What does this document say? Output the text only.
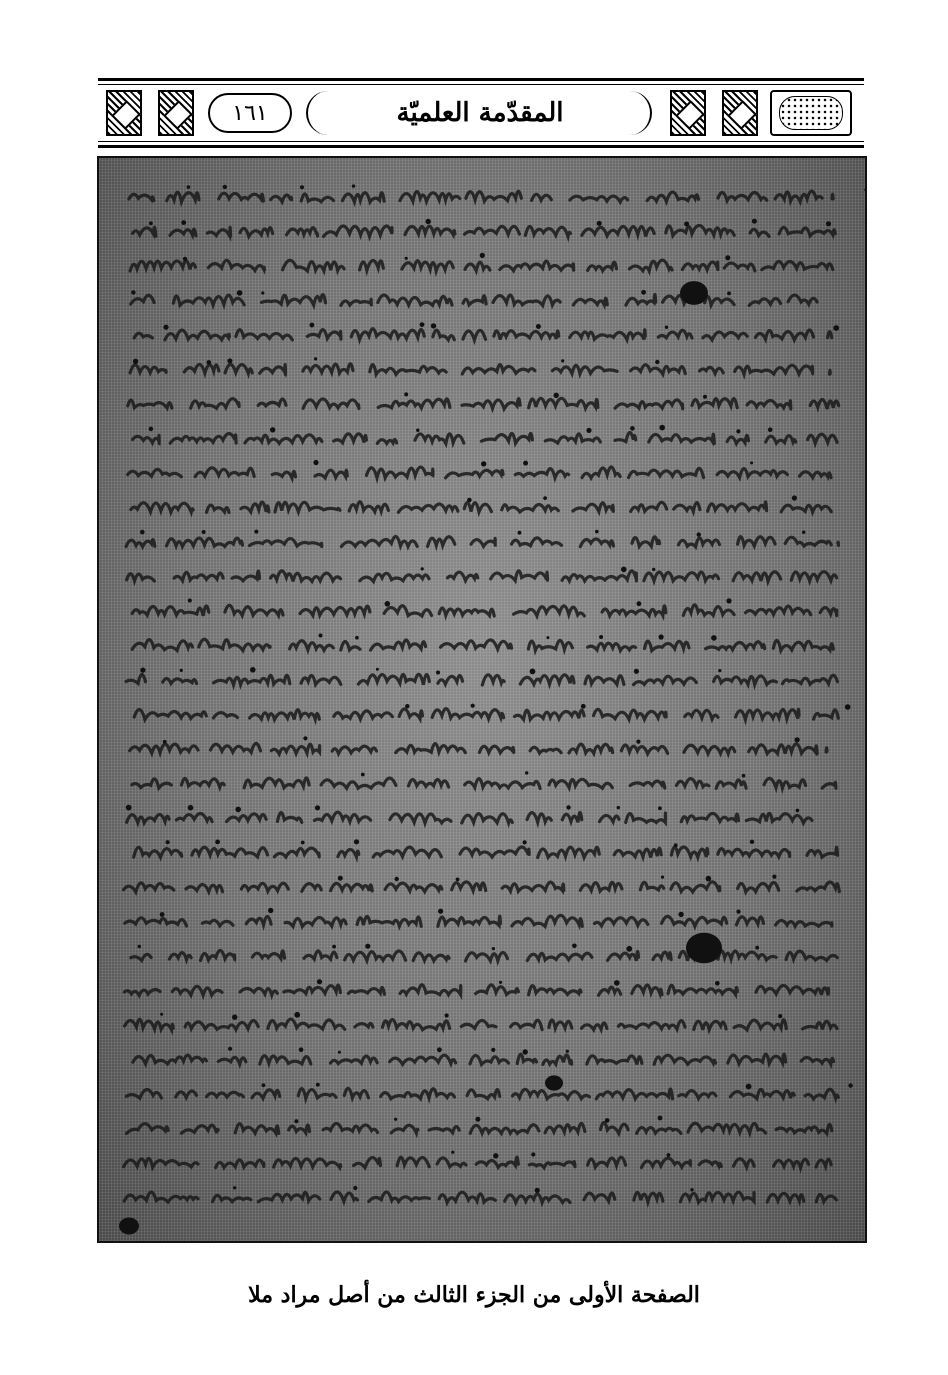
١٦١	المقدّمة العلميّة
الصفحة الأولى من الجزء الثالث من أصل مراد ملا
